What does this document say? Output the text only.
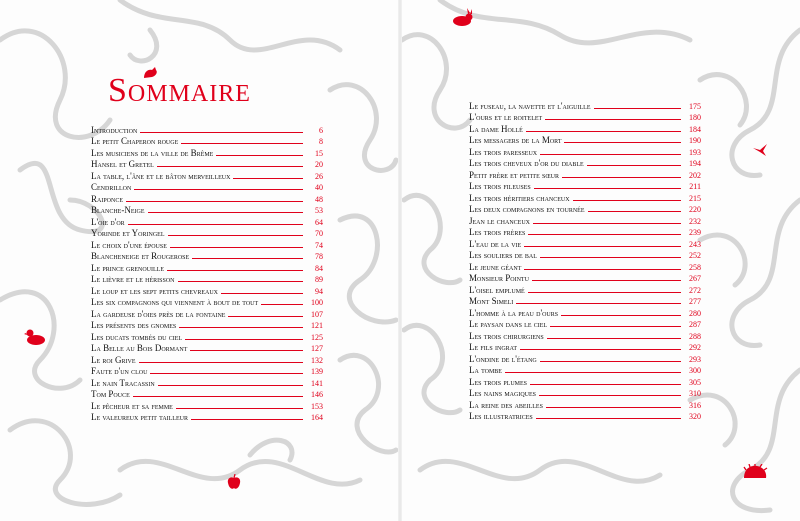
Sommaire
Introduction	6
Le petit Chaperon rouge	8
Les musiciens de la ville de Brême	15
Hansel et Gretel	20
La table, l'âne et le bâton merveilleux	26
Cendrillon	40
Raiponce	48
Blanche-Neige	53
L'oie d'or	64
Yorinde et Yoringel	70
Le choix d'une épouse	74
Blancheneige et Rougerose	78
Le prince grenouille	84
Le lièvre et le hérisson	89
Le loup et les sept petits chevreaux	94
Les six compagnons qui viennent à bout de tout	100
La gardeuse d'oies près de la fontaine	107
Les présents des gnomes	121
Les ducats tombés du ciel	125
La Belle au Bois Dormant	127
Le roi Grive	132
Faute d'un clou	139
Le nain Tracassin	141
Tom Pouce	146
Le pêcheur et sa femme	153
Le valeureux petit tailleur	164
Le fuseau, la navette et l'aiguille	175
L'ours et le roitelet	180
La dame Hollé	184
Les messagers de la Mort	190
Les trois paresseux	193
Les trois cheveux d'or du diable	194
Petit frère et petite sœur	202
Les trois fileuses	211
Les trois héritiers chanceux	215
Les deux compagnons en tournée	220
Jean le chanceux	232
Les trois frères	239
L'eau de la vie	243
Les souliers de bal	252
Le jeune géant	258
Monsieur Pointu	267
L'oisel emplumé	272
Mont Simeli	277
L'homme à la peau d'ours	280
Le paysan dans le ciel	287
Les trois chirurgiens	288
Le fils ingrat	292
L'ondine de l'étang	293
La tombe	300
Les trois plumes	305
Les nains magiques	310
La reine des abeilles	316
Les illustratrices	320
